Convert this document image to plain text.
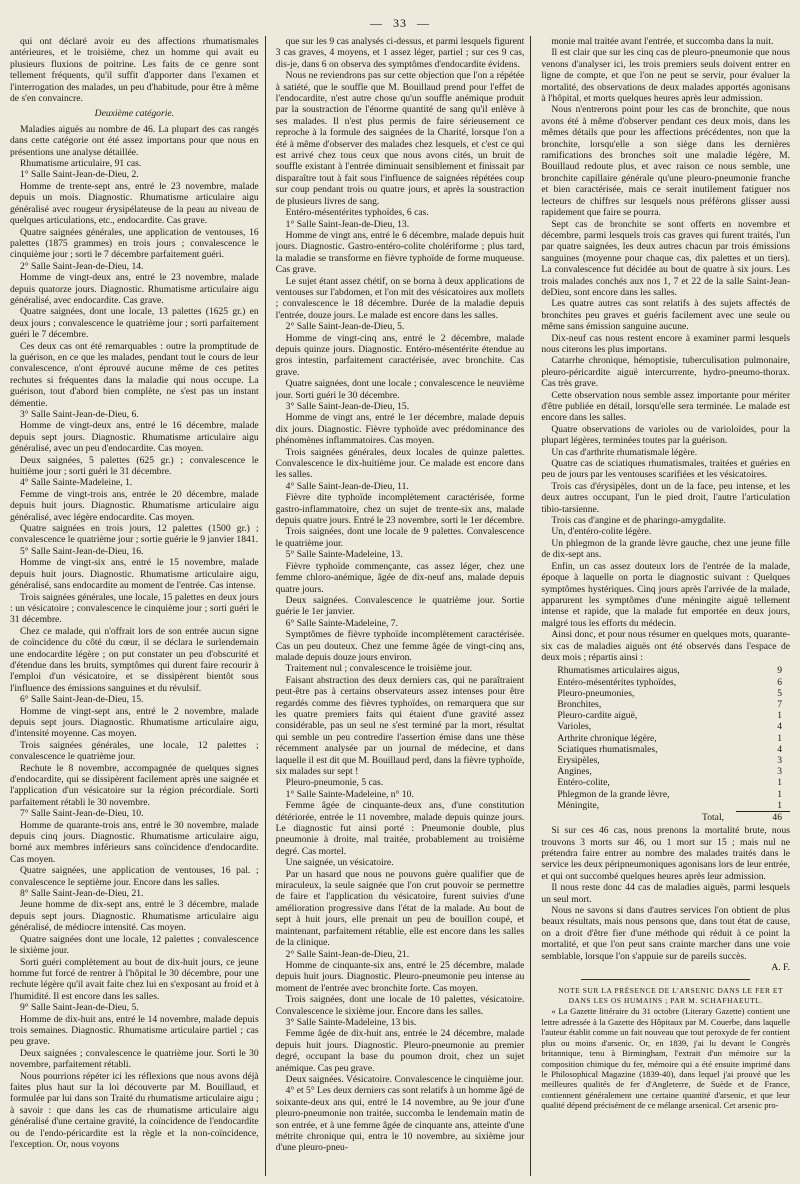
— 33 —

qui ont déclaré avoir eu des affections rhumatismales antérieures, et le troisième, chez un homme qui avait eu plusieurs fluxions de poitrine. Les faits de ce genre sont tellement fréquents, qu'il suffit d'apporter dans l'examen et l'interrogation des malades, un peu d'habitude, pour être à même de s'en convaincre.

Deuxième catégorie.

Maladies aiguës au nombre de 46. La plupart des cas rangés dans cette catégorie ont été assez importans pour que nous en présentions une analyse détaillée.

Rhumatisme articulaire, 91 cas.

1° Salle Saint-Jean-de-Dieu, 2.

Homme de trente-sept ans, entré le 23 novembre, malade depuis un mois. Diagnostic. Rhumatisme articulaire aigu généralisé avec rougeur érysipélateuse de la peau au niveau de quelques articulations, etc., endocardite. Cas grave.

Quatre saignées générales, une application de ventouses, 16 palettes (1875 grammes) en trois jours ; convalescence le cinquième jour ; sorti le 7 décembre parfaitement guéri.

2° Salle Saint-Jean-de-Dieu, 14.

Homme de vingt-deux ans, entré le 23 novembre, malade depuis quatorze jours. Diagnostic. Rhumatisme articulaire aigu généralisé, avec endocardite. Cas grave.

Quatre saignées, dont une locale, 13 palettes (1625 gr.) en deux jours ; convalescence le quatrième jour ; sorti parfaitement guéri le 7 décembre.

Ces deux cas ont été remarquables : outre la promptitude de la guérison, en ce que les malades, pendant tout le cours de leur convalescence, n'ont éprouvé aucune même de ces petites rechutes si fréquentes dans la maladie qui nous occupe. La guérison, tout d'abord bien complète, ne s'est pas un instant démentie.

3° Salle Saint-Jean-de-Dieu, 6.

Homme de vingt-deux ans, entré le 16 décembre, malade depuis sept jours. Diagnostic. Rhumatisme articulaire aigu généralisé, avec un peu d'endocardite. Cas moyen.

Deux saignées, 5 palettes (625 gr.) ; convalescence le huitième jour ; sorti guéri le 31 décembre.

4° Salle Sainte-Madeleine, 1.

Femme de vingt-trois ans, entrée le 20 décembre, malade depuis huit jours. Diagnostic. Rhumatisme articulaire aigu généralisé, avec légère endocardite. Cas moyen.

Quatre saignées en trois jours, 12 palettes (1500 gr.) ; convalescence le quatrième jour ; sortie guérie le 9 janvier 1841.

5° Salle Saint-Jean-de-Dieu, 16.

Homme de vingt-six ans, entré le 15 novembre, malade depuis huit jours. Diagnostic. Rhumatisme articulaire aigu, généralisé, sans endocardite au moment de l'entrée. Cas intense.

Trois saignées générales, une locale, 15 palettes en deux jours : un vésicatoire ; convalescence le cinquième jour ; sorti guéri le 31 décembre.

Chez ce malade, qui n'offrait lors de son entrée aucun signe de coïncidence du côté du cœur, il se déclara le surlendemain une endocardite légère ; on put constater un peu d'obscurité et d'étendue dans les bruits, symptômes qui durent faire recourir à l'emploi d'un vésicatoire, et se dissipèrent bientôt sous l'influence des émissions sanguines et du révulsif.

6° Salle Saint-Jean-de-Dieu, 15.

Homme de vingt-sept ans, entré le 2 novembre, malade depuis sept jours. Diagnostic. Rhumatisme articulaire aigu, d'intensité moyenne. Cas moyen.

Trois saignées générales, une locale, 12 palettes ; convalescence le quatrième jour.

Rechute le 8 novembre, accompagnée de quelques signes d'endocardite, qui se dissipèrent facilement après une saignée et l'application d'un vésicatoire sur la région précordiale. Sorti parfaitement rétabli le 30 novembre.

7° Salle Saint-Jean-de-Dieu, 10.

Homme de quarante-trois ans, entré le 30 novembre, malade depuis cinq jours. Diagnostic. Rhumatisme articulaire aigu, borné aux membres inférieurs sans coïncidence d'endocardite. Cas moyen.

Quatre saignées, une application de ventouses, 16 pal. ; convalescence le septième jour. Encore dans les salles.

8° Salle Saint-Jean-de-Dieu, 21.

Jeune homme de dix-sept ans, entré le 3 décembre, malade depuis sept jours. Diagnostic. Rhumatisme articulaire aigu généralisé, de médiocre intensité. Cas moyen.

Quatre saignées dont une locale, 12 palettes ; convalescence le sixième jour.

Sorti guéri complètement au bout de dix-huit jours, ce jeune homme fut forcé de rentrer à l'hôpital le 30 décembre, pour une rechute légère qu'il avait faite chez lui en s'exposant au froid et à l'humidité. Il est encore dans les salles.

9° Salle Saint-Jean-de-Dieu, 5.

Homme de dix-huit ans, entré le 14 novembre, malade depuis trois semaines. Diagnostic. Rhumatisme articulaire partiel ; cas peu grave.

Deux saignées ; convalescence le quatrième jour. Sorti le 30 novembre, parfaitement rétabli.

Nous pourrions répéter ici les réflexions que nous avons déjà faites plus haut sur la loi découverte par M. Bouillaud, et formulée par lui dans son Traité du rhumatisme articulaire aigu ; à savoir : que dans les cas de rhumatisme articulaire aigu généralisé d'une certaine gravité, la coïncidence de l'endocardite ou de l'endo-péricardite est la règle et la non-coïncidence, l'exception. Or, nous voyons

que sur les 9 cas analysés ci-dessus, et parmi lesquels figurent 3 cas graves, 4 moyens, et 1 assez léger, partiel ; sur ces 9 cas, dis-je, dans 6 on observa des symptômes d'endocardite évidens.

Nous ne reviendrons pas sur cette objection que l'on a répétée à satiété, que le souffle que M. Bouillaud prend pour l'effet de l'endocardite, n'est autre chose qu'un souffle anémique produit par la soustraction de l'énorme quantité de sang qu'il enlève à ses malades. Il n'est plus permis de faire sérieusement ce reproche à la formule des saignées de la Charité, lorsque l'on a été à même d'observer des malades chez lesquels, et c'est ce qui est arrivé chez tous ceux que nous avons cités, un bruit de souffle existant à l'entrée diminuait sensiblement et finissait par disparaître tout à fait sous l'influence de saignées répétées coup sur coup pendant trois ou quatre jours, et après la soustraction de plusieurs livres de sang.

Entéro-mésentérites typhoïdes, 6 cas.

1° Salle Saint-Jean-de-Dieu, 13.

Homme de vingt ans, entré le 6 décembre, malade depuis huit jours. Diagnostic. Gastro-entéro-colite cholériforme ; plus tard, la maladie se transforme en fièvre typhoïde de forme muqueuse. Cas grave.

Le sujet étant assez chétif, on se borna à deux applications de ventouses sur l'abdomen, et l'on mit des vésicatoires aux mollets ; convalescence le 18 décembre. Durée de la maladie depuis l'entrée, douze jours. Le malade est encore dans les salles.

2° Salle Saint-Jean-de-Dieu, 5.

Homme de vingt-cinq ans, entré le 2 décembre, malade depuis quinze jours. Diagnostic. Entéro-mésentérite étendue au gros intestin, parfaitement caractérisée, avec bronchite. Cas grave.

Quatre saignées, dont une locale ; convalescence le neuvième jour. Sorti guéri le 30 décembre.

3° Salle Saint-Jean-de-Dieu, 15.

Homme de vingt ans, entré le 1er décembre, malade depuis dix jours. Diagnostic. Fièvre typhoïde avec prédominance des phénomènes inflammatoires. Cas moyen.

Trois saignées générales, deux locales de quinze palettes. Convalescence le dix-huitième jour. Ce malade est encore dans les salles.

4° Salle Saint-Jean-de-Dieu, 11.

Fièvre dite typhoïde incomplètement caractérisée, forme gastro-inflammatoire, chez un sujet de trente-six ans, malade depuis quatre jours. Entré le 23 novembre, sorti le 1er décembre.

Trois saignées, dont une locale de 9 palettes. Convalescence le quatrième jour.

5° Salle Sainte-Madeleine, 13.

Fièvre typhoïde commençante, cas assez léger, chez une femme chloro-anémique, âgée de dix-neuf ans, malade depuis quatre jours.

Deux saignées. Convalescence le quatrième jour. Sortie guérie le 1er janvier.

6° Salle Sainte-Madeleine, 7.

Symptômes de fièvre typhoïde incomplètement caractérisée. Cas un peu douteux. Chez une femme âgée de vingt-cinq ans, malade depuis douze jours environ.

Traitement nul ; convalescence le troisième jour.

Faisant abstraction des deux derniers cas, qui ne paraîtraient peut-être pas à certains observateurs assez intenses pour être regardés comme des fièvres typhoïdes, on remarquera que sur les quatre premiers faits qui étaient d'une gravité assez considérable, pas un seul ne s'est terminé par la mort, résultat qui semble un peu contredire l'assertion émise dans une thèse récemment analysée par un journal de médecine, et dans laquelle il est dit que M. Bouillaud perd, dans la fièvre typhoïde, six malades sur sept !

Pleuro-pneumonie, 5 cas.

1° Salle Sainte-Madeleine, n° 10.

Femme âgée de cinquante-deux ans, d'une constitution détériorée, entrée le 11 novembre, malade depuis quinze jours. Le diagnostic fut ainsi porté : Pneumonie double, plus pneumonie à droite, mal traitée, probablement au troisième degré. Cas mortel.

Une saignée, un vésicatoire.

Par un hasard que nous ne pouvons guère qualifier que de miraculeux, la seule saignée que l'on crut pouvoir se permettre de faire et l'application du vésicatoire, furent suivies d'une amélioration progressive dans l'état de la malade. Au bout de sept à huit jours, elle prenait un peu de bouillon coupé, et maintenant, parfaitement rétablie, elle est encore dans les salles de la clinique.

2° Salle Saint-Jean-de-Dieu, 21.

Homme de cinquante-six ans, entré le 25 décembre, malade depuis huit jours. Diagnostic. Pleuro-pneumonie peu intense au moment de l'entrée avec bronchite forte. Cas moyen.

Trois saignées, dont une locale de 10 palettes, vésicatoire. Convalescence le sixième jour. Encore dans les salles.

3° Salle Sainte-Madeleine, 13 bis.

Femme âgée de dix-huit ans, entrée le 24 décembre, malade depuis huit jours. Diagnostic. Pleuro-pneumonie au premier degré, occupant la base du poumon droit, chez un sujet anémique. Cas peu grave.

Deux saignées. Vésicatoire. Convalescence le cinquième jour.

4° et 5° Les deux derniers cas sont relatifs à un homme âgé de soixante-deux ans qui, entré le 14 novembre, au 9e jour d'une pleuro-pneumonie non traitée, succomba le lendemain matin de son entrée, et à une femme âgée de cinquante ans, atteinte d'une métrite chronique qui, entra le 10 novembre, au sixième jour d'une pleuro-pneu-

monie mal traitée avant l'entrée, et succomba dans la nuit.

Il est clair que sur les cinq cas de pleuro-pneumonie que nous venons d'analyser ici, les trois premiers seuls doivent entrer en ligne de compte, et que l'on ne peut se servir, pour évaluer la mortalité, des observations de deux malades apportés agonisans à l'hôpital, et morts quelques heures après leur admission.

Nous n'entrerons point pour les cas de bronchite, que nous avons été à même d'observer pendant ces deux mois, dans les mêmes détails que pour les affections précédentes, non que la bronchite, lorsqu'elle a son siège dans les dernières ramifications des bronches soit une maladie légère, M. Bouillaud redoute plus, et avec raison ce nous semble, une bronchite capillaire générale qu'une pleuro-pneumonie franche et bien caractérisée, mais ce serait inutilement fatiguer nos lecteurs de chiffres sur lesquels nous préférons glisser aussi rapidement que faire se pourra.

Sept cas de bronchite se sont offerts en novembre et décembre, parmi lesquels trois cas graves qui furent traités, l'un par quatre saignées, les deux autres chacun par trois émissions sanguines (moyenne pour chaque cas, dix palettes et un tiers). La convalescence fut décidée au bout de quatre à six jours. Les trois malades conchés aux nos 1, 7 et 22 de la salle Saint-Jean-deDieu, sont encore dans les salles.

Les quatre autres cas sont relatifs à des sujets affectés de bronchites peu graves et guéris facilement avec une seule ou même sans émission sanguine aucune.

Dix-neuf cas nous restent encore à examiner parmi lesquels nous citerons les plus importans.

Catarrhe chronique, hémoptisie, tuberculisation pulmonaire, pleuro-péricardite aiguë intercurrente, hydro-pneumo-thorax. Cas très grave.

Cette observation nous semble assez importante pour mériter d'être publiée en détail, lorsqu'elle sera terminée. Le malade est encore dans les salles.

Quatre observations de varioles ou de varioloïdes, pour la plupart légères, terminées toutes par la guérison.

Un cas d'arthrite rhumatismale légère.

Quatre cas de sciatiques rhumatismales, traitées et guéries en peu de jours par les ventouses scarifiées et les vésicatoires.

Trois cas d'érysipèles, dont un de la face, peu intense, et les deux autres occupant, l'un le pied droit, l'autre l'articulation tibio-tarsienne.

Trois cas d'angine et de pharingo-amygdalite.

Un, d'entéro-colite légère.

Un phlegmon de la grande lèvre gauche, chez une jeune fille de dix-sept ans.

Enfin, un cas assez douteux lors de l'entrée de la malade, époque à laquelle on porta le diagnostic suivant : Quelques symptômes hystériques. Cinq jours après l'arrivée de la malade, apparurent les symptômes d'une méningite aiguë tellement intense et rapide, que la malade fut emportée en deux jours, malgré tous les efforts du médecin.

Ainsi donc, et pour nous résumer en quelques mots, quarante-six cas de maladies aiguës ont été observés dans l'espace de deux mois ; répartis ainsi :

Rhumatismes articulaires aigus,	9
Entéro-mésentérites typhoïdes,	6
Pleuro-pneumonies,	5
Bronchites,	7
Pleuro-cardite aiguë,	1
Varioles,	4
Arthrite chronique légère,	1
Sciatiques rhumatismales,	4
Erysipèles,	3
Angines,	3
Entéro-colite,	1
Phlegmon de la grande lèvre,	1
Méningite,	1
Total,	46

Si sur ces 46 cas, nous prenons la mortalité brute, nous trouvons 3 morts sur 46, ou 1 mort sur 15 ; mais nul ne prétendra faire entrer au nombre des malades traités dans le service les deux péripneumoniques agonisans lors de leur entrée, et qui ont succombé quelques heures après leur admission.

Il nous reste donc 44 cas de maladies aiguës, parmi lesquels un seul mort.

Nous ne savons si dans d'autres services l'on obtient de plus beaux résultats, mais nous pensons que, dans tout état de cause, on a droit d'être fier d'une méthode qui réduit à ce point la mortalité, et que l'on peut sans crainte marcher dans une voie semblable, lorsque l'on s'appuie sur de pareils succès.

A. F.

NOTE SUR LA PRÉSENCE DE L'ARSENIC DANS LE FER ET DANS LES OS HUMAINS ; PAR M. SCHAFHAEUTL.

« La Gazette littéraire du 31 octobre (Literary Gazette) contient une lettre adressée à la Gazette des Hôpitaux par M. Couerbe, dans laquelle l'auteur établit comme un fait nouveau que tout peroxyde de fer contient plus ou moins d'arsenic. Or, en 1839, j'ai lu devant le Congrès britannique, tenu à Birmingham, l'extrait d'un mémoire sur la composition chimique du fer, mémoire qui a été ensuite imprimé dans le Philosophical Magazine (1839-40), dans lequel j'ai prouvé que les meilleures qualités de fer d'Angleterre, de Suède et de France, contiennent généralement une certaine quantité d'arsenic, et que leur qualité dépend précisément de ce mélange arsenical. Cet arsenic pro-
